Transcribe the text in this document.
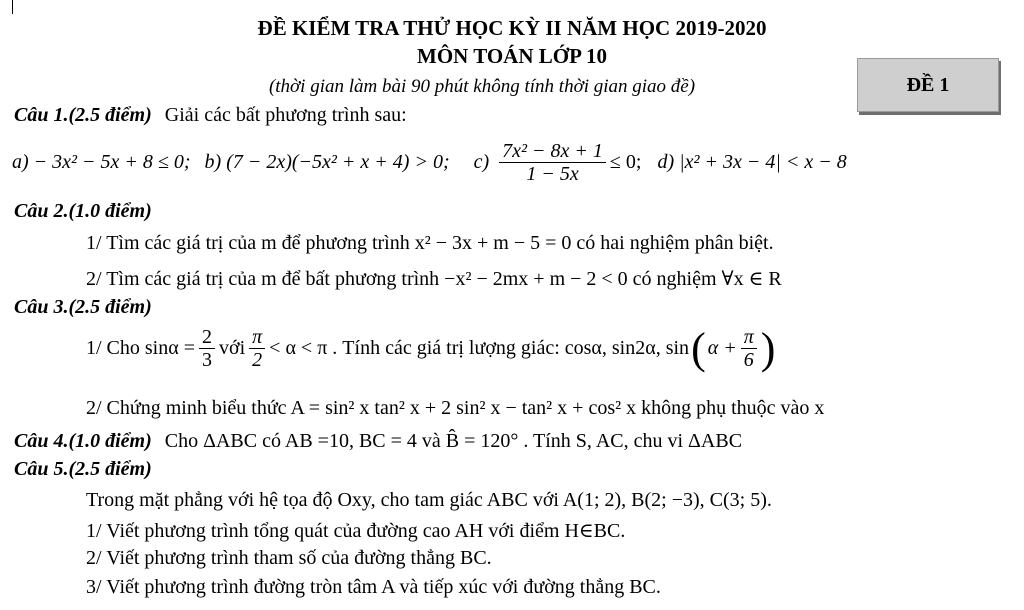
ĐỀ KIỂM TRA THỬ HỌC KỲ II NĂM HỌC 2019-2020
MÔN TOÁN LỚP 10
(thời gian làm bài 90 phút không tính thời gian giao đề)	ĐỀ 1
Câu 1.(2.5 điểm) Giải các bất phương trình sau:
a) − 3x² − 5x + 8 ≤ 0; b) (7 − 2x)(−5x² + x + 4) > 0; $c) \frac{\text{7x² − 8x + 1}}{1 - 5x} \le 0$; d) |x² + 3x − 4| < x − 8
Câu 2.(1.0 điểm)
1/ Tìm các giá trị của m để phương trình x² − 3x + m − 5 = 0 có hai nghiệm phân biệt.
2/ Tìm các giá trị của m để bất phương trình −x² − 2mx + m − 2 < 0 có nghiệm ∀x ∈ R
Câu 3.(2.5 điểm)
1/ Cho $\sin\alpha = \frac{2}{3}$ với $\frac{\pi}{2} < \alpha < \pi$ . Tính các giá trị lượng giác: cosα, sin2α, sin ( $\alpha + \frac{\pi}{6}$ )
2/ Chứng minh biểu thức A = sin² x tan² x + 2 sin² x − tan² x + cos² x không phụ thuộc vào x
Câu 4.(1.0 điểm) Cho ΔABC có AB =10, BC = 4 và B̂ = 120° . Tính S, AC, chu vi ΔABC
Câu 5.(2.5 điểm)
Trong mặt phẳng với hệ tọa độ Oxy, cho tam giác ABC với A(1; 2), B(2; −3), C(3; 5).
1/ Viết phương trình tổng quát của đường cao AH với điểm H∈BC.
2/ Viết phương trình tham số của đường thẳng BC.
3/ Viết phương trình đường tròn tâm A và tiếp xúc với đường thẳng BC.
